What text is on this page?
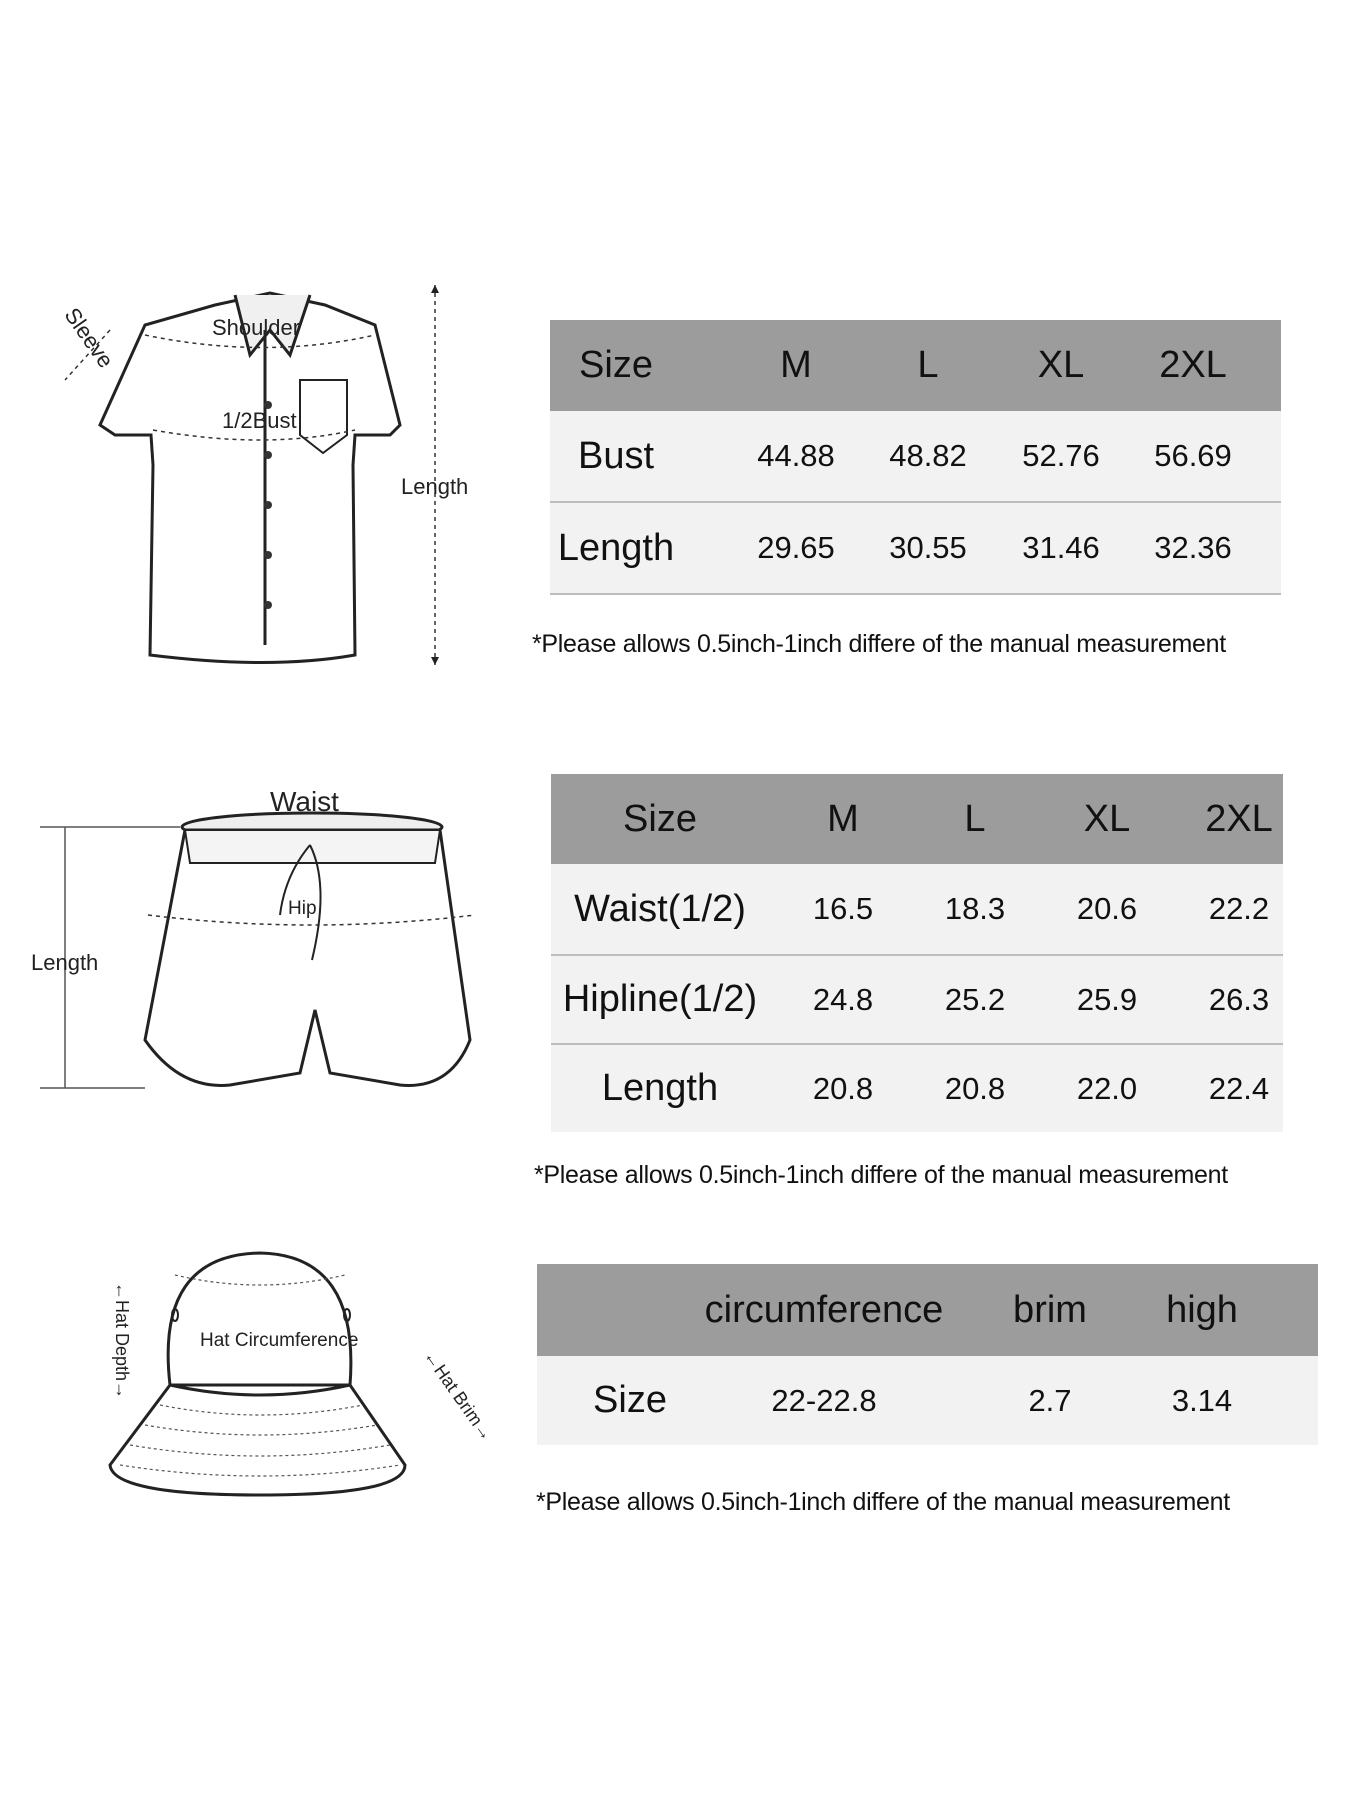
Sleeve	Shoulder
1/2Bust
Length
Size	M	L	XL 2XL
Bust	44.88 48.82 52.76 56.69
Length	29.65 30.55 31.46 32.36
*Please allows 0.5inch-1inch differe of the manual measurement
Waist
Hip
Length
Size	M	L	XL 2XL
Waist(1/2) 16.5 18.3 20.6 22.2
Hipline(1/2) 24.8 25.2 25.9 26.3
Length	20.8 20.8 22.0 22.4
*Please allows 0.5inch-1inch differe of the manual measurement
←Hat Depth→	Hat Circumference
←Hat Brim→
circumference brim high
Size	22-22.8	2.7	3.14
*Please allows 0.5inch-1inch differe of the manual measurement
